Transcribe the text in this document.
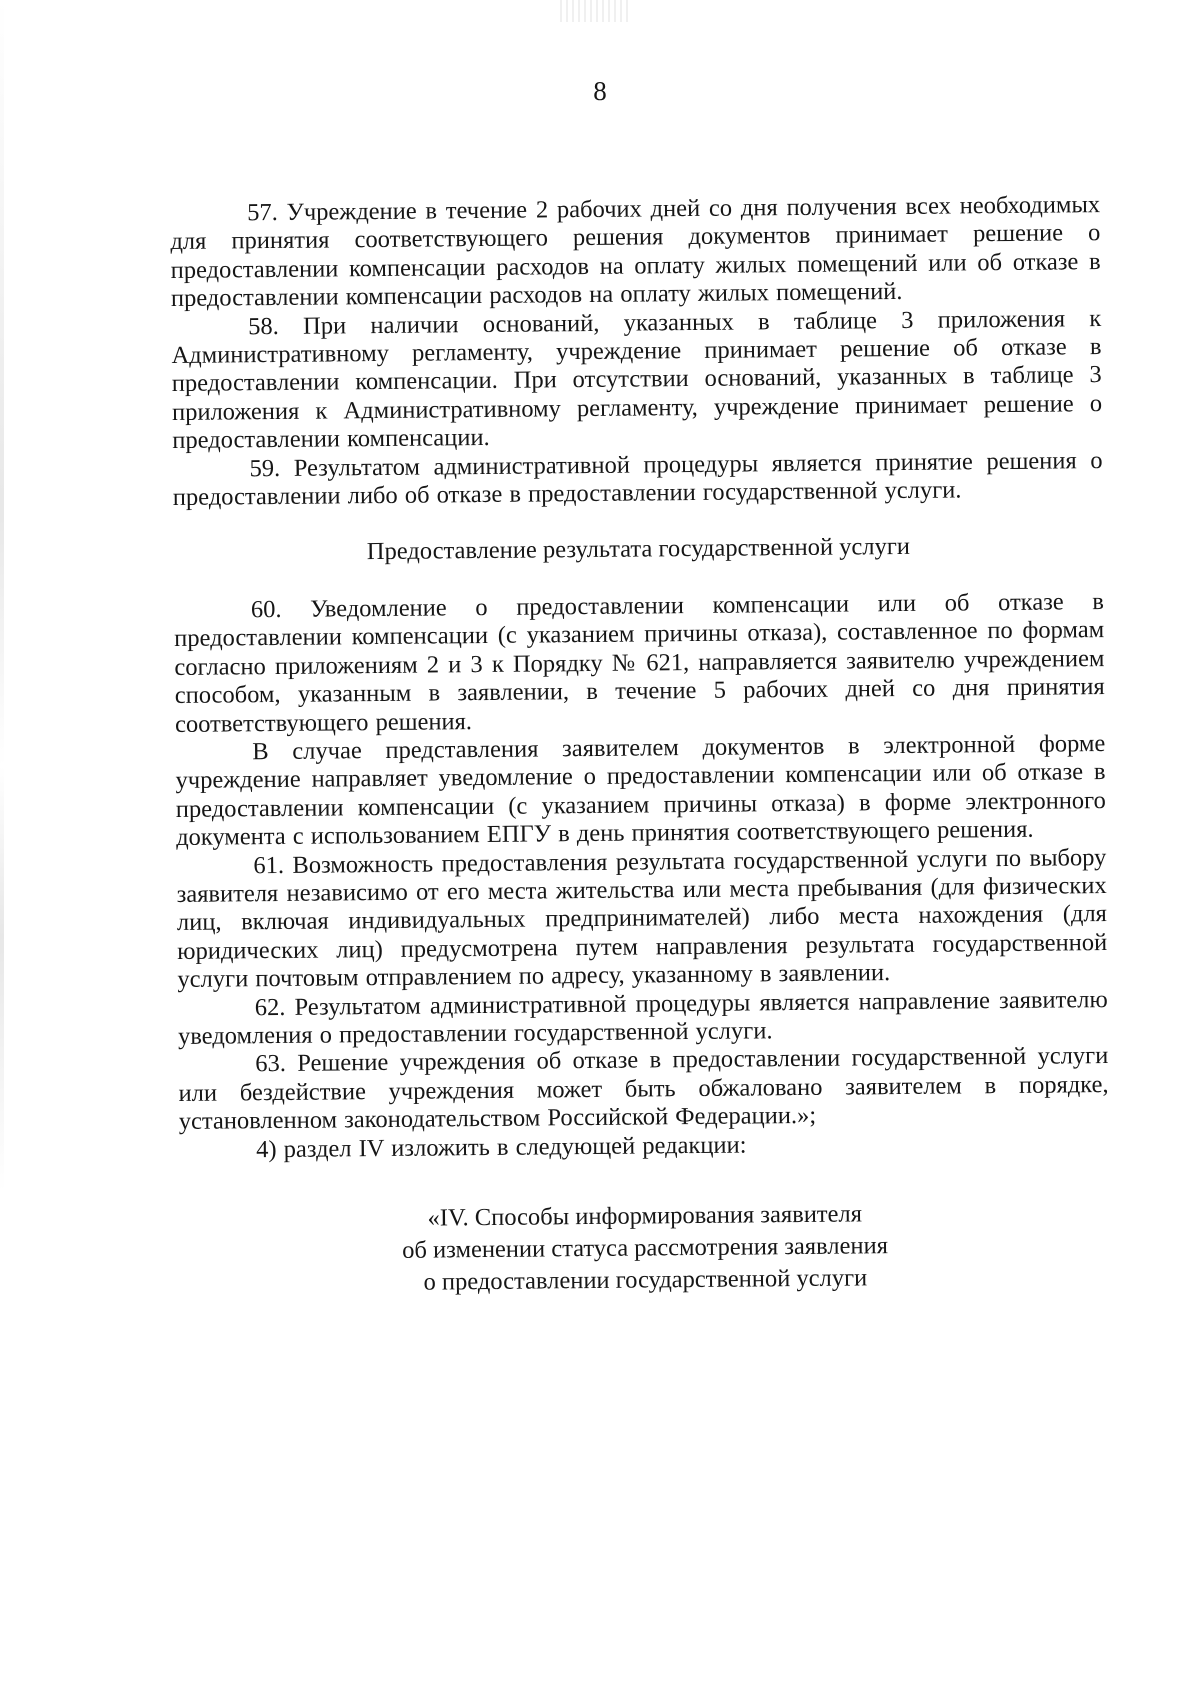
8

57. Учреждение в течение 2 рабочих дней со дня получения всех необходимых для принятия соответствующего решения документов принимает решение о предоставлении компенсации расходов на оплату жилых помещений или об отказе в предоставлении компенсации расходов на оплату жилых помещений.

58. При наличии оснований, указанных в таблице 3 приложения к Административному регламенту, учреждение принимает решение об отказе в предоставлении компенсации. При отсутствии оснований, указанных в таблице 3 приложения к Административному регламенту, учреждение принимает решение о предоставлении компенсации.

59. Результатом административной процедуры является принятие решения о предоставлении либо об отказе в предоставлении государственной услуги.

Предоставление результата государственной услуги

60. Уведомление о предоставлении компенсации или об отказе в предоставлении компенсации (с указанием причины отказа), составленное по формам согласно приложениям 2 и 3 к Порядку № 621, направляется заявителю учреждением способом, указанным в заявлении, в течение 5 рабочих дней со дня принятия соответствующего решения.

В случае представления заявителем документов в электронной форме учреждение направляет уведомление о предоставлении компенсации или об отказе в предоставлении компенсации (с указанием причины отказа) в форме электронного документа с использованием ЕПГУ в день принятия соответствующего решения.

61. Возможность предоставления результата государственной услуги по выбору заявителя независимо от его места жительства или места пребывания (для физических лиц, включая индивидуальных предпринимателей) либо места нахождения (для юридических лиц) предусмотрена путем направления результата государственной услуги почтовым отправлением по адресу, указанному в заявлении.

62. Результатом административной процедуры является направление заявителю уведомления о предоставлении государственной услуги.

63. Решение учреждения об отказе в предоставлении государственной услуги или бездействие учреждения может быть обжаловано заявителем в порядке, установленном законодательством Российской Федерации.»;

4) раздел IV изложить в следующей редакции:

«IV. Способы информирования заявителя
об изменении статуса рассмотрения заявления
о предоставлении государственной услуги
